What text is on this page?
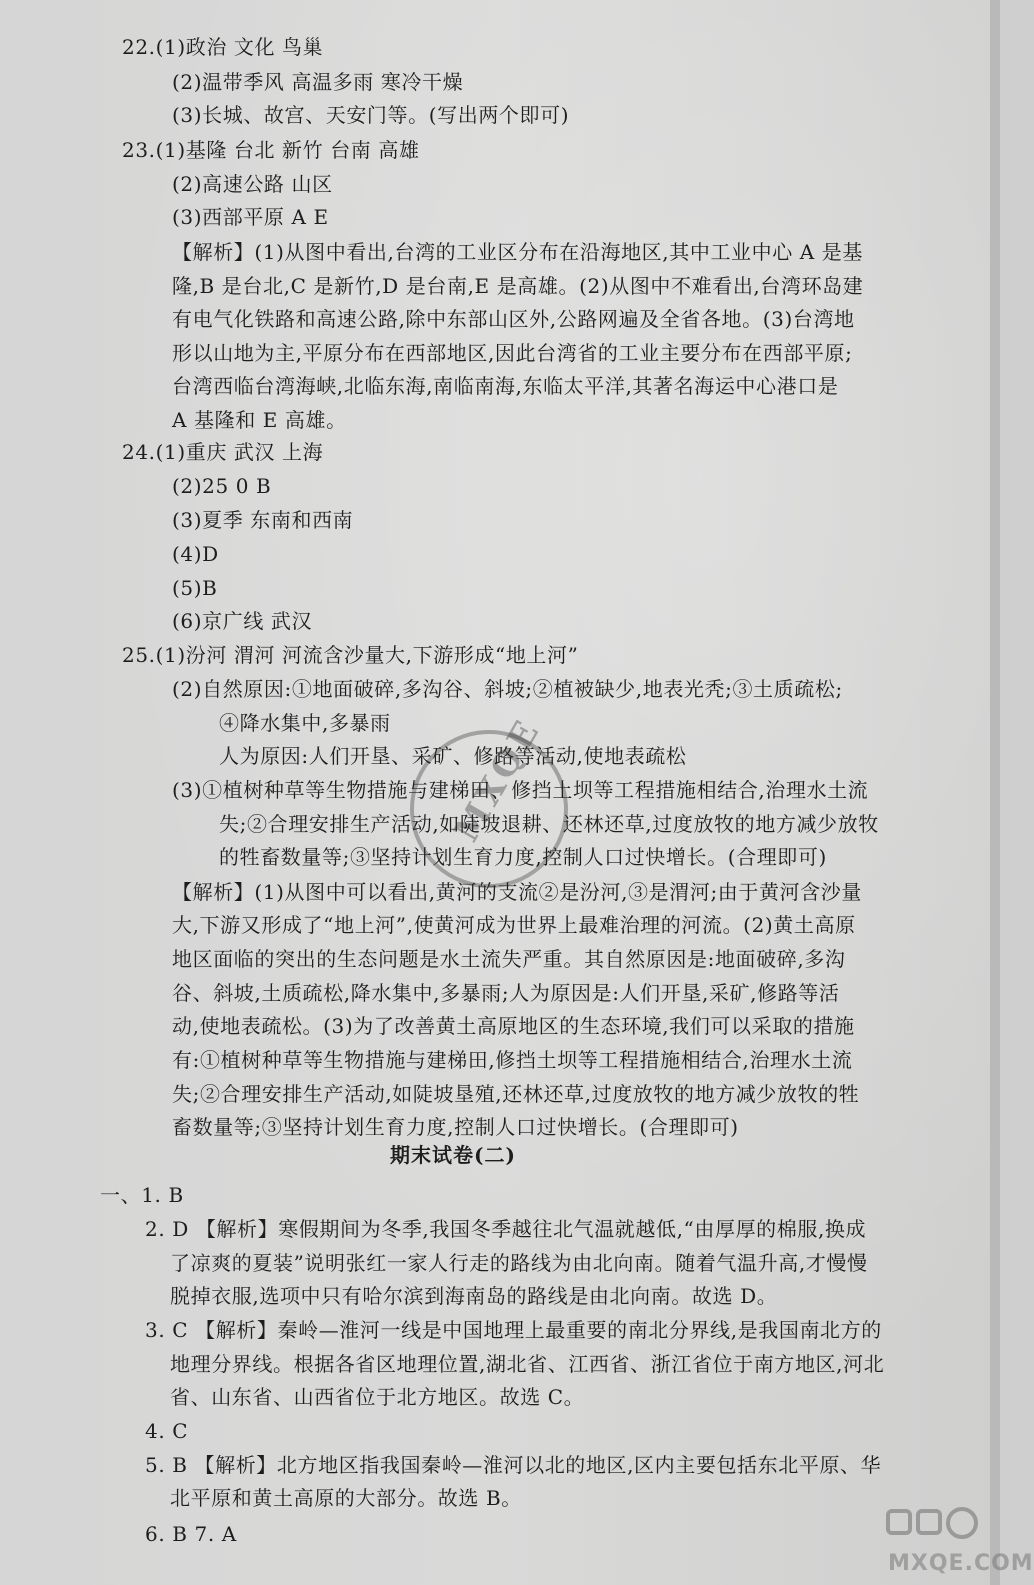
22.(1)政治 文化 鸟巢
(2)温带季风 高温多雨 寒冷干燥
(3)长城、故宫、天安门等。(写出两个即可)
23.(1)基隆 台北 新竹 台南 高雄
(2)高速公路 山区
(3)西部平原 A E
【解析】(1)从图中看出,台湾的工业区分布在沿海地区,其中工业中心 A 是基
隆,B 是台北,C 是新竹,D 是台南,E 是高雄。(2)从图中不难看出,台湾环岛建
有电气化铁路和高速公路,除中东部山区外,公路网遍及全省各地。(3)台湾地
形以山地为主,平原分布在西部地区,因此台湾省的工业主要分布在西部平原;
台湾西临台湾海峡,北临东海,南临南海,东临太平洋,其著名海运中心港口是
A 基隆和 E 高雄。
24.(1)重庆 武汉 上海
(2)25 0 B
(3)夏季 东南和西南
(4)D
(5)B
(6)京广线 武汉
25.(1)汾河 渭河 河流含沙量大,下游形成“地上河”
(2)自然原因:①地面破碎,多沟谷、斜坡;②植被缺少,地表光秃;③土质疏松;
④降水集中,多暴雨
人为原因:人们开垦、采矿、修路等活动,使地表疏松
(3)①植树种草等生物措施与建梯田、修挡土坝等工程措施相结合,治理水土流
失;②合理安排生产活动,如陡坡退耕、还林还草,过度放牧的地方减少放牧
的牲畜数量等;③坚持计划生育力度,控制人口过快增长。(合理即可)
【解析】(1)从图中可以看出,黄河的支流②是汾河,③是渭河;由于黄河含沙量
大,下游又形成了“地上河”,使黄河成为世界上最难治理的河流。(2)黄土高原
地区面临的突出的生态问题是水土流失严重。其自然原因是:地面破碎,多沟
谷、斜坡,土质疏松,降水集中,多暴雨;人为原因是:人们开垦,采矿,修路等活
动,使地表疏松。(3)为了改善黄土高原地区的生态环境,我们可以采取的措施
有:①植树种草等生物措施与建梯田,修挡土坝等工程措施相结合,治理水土流
失;②合理安排生产活动,如陡坡垦殖,还林还草,过度放牧的地方减少放牧的牲
畜数量等;③坚持计划生育力度,控制人口过快增长。(合理即可)
一、1. B
2. D 【解析】寒假期间为冬季,我国冬季越往北气温就越低,“由厚厚的棉服,换成
了凉爽的夏装”说明张红一家人行走的路线为由北向南。随着气温升高,才慢慢
脱掉衣服,选项中只有哈尔滨到海南岛的路线是由北向南。故选 D。
3. C 【解析】秦岭—淮河一线是中国地理上最重要的南北分界线,是我国南北方的
地理分界线。根据各省区地理位置,湖北省、江西省、浙江省位于南方地区,河北
省、山东省、山西省位于北方地区。故选 C。
4. C
5. B 【解析】北方地区指我国秦岭—淮河以北的地区,区内主要包括东北平原、华
北平原和黄土高原的大部分。故选 B。
6. B 7. A
期末试卷(二)
MXQE
MXQE.COM
